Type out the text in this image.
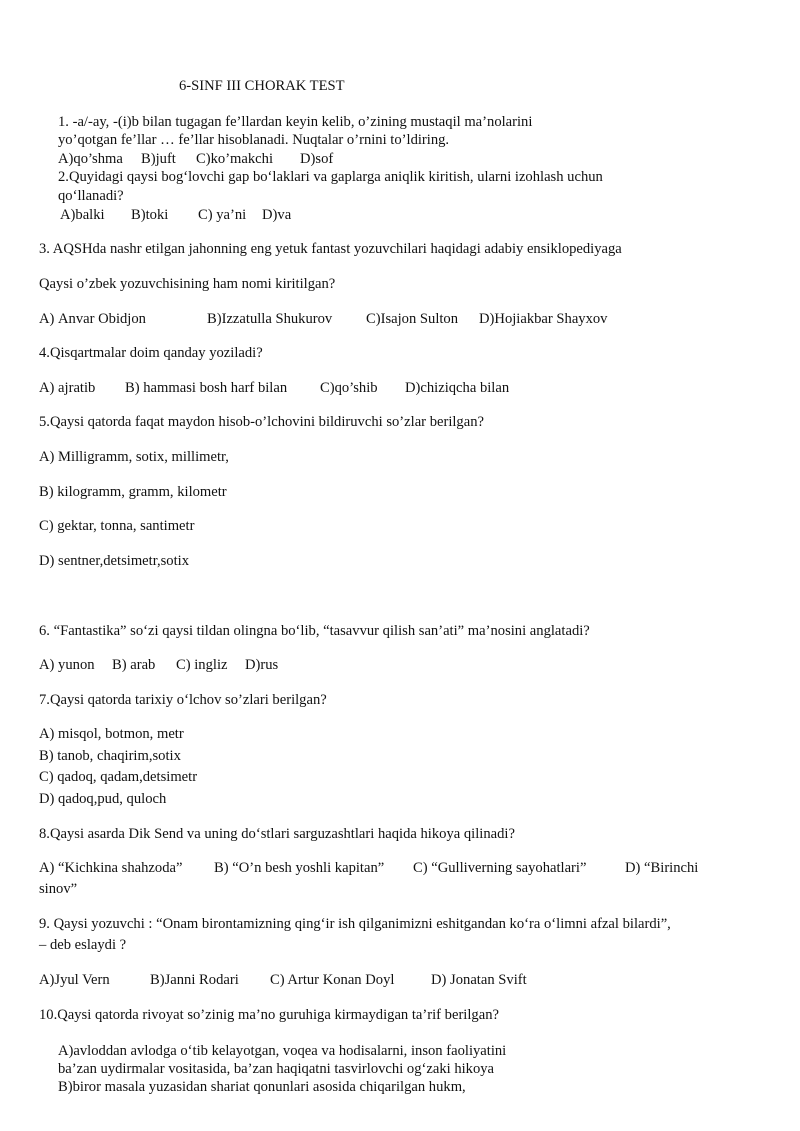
6-SINF III CHORAK TEST
1. -a/-ay, -(i)b bilan tugagan fe’llardan keyin kelib, o’zining mustaqil ma’nolarini
yo’qotgan fe’llar … fe’llar hisoblanadi. Nuqtalar o’rnini to’ldiring.
A)qo’shma B)juft C)ko’makchi D)sof
2.Quyidagi qaysi bog‘lovchi gap bo‘laklari va gaplarga aniqlik kiritish, ularni izohlash uchun
qo‘llanadi?
A)balki B)toki C) ya’ni D)va
3. AQSHda nashr etilgan jahonning eng yetuk fantast yozuvchilari haqidagi adabiy ensiklopediyaga
Qaysi o’zbek yozuvchisining ham nomi kiritilgan?
A) Anvar Obidjon	B)Izzatulla Shukurov C)Isajon Sulton D)Hojiakbar Shayxov
4.Qisqartmalar doim qanday yoziladi?
A) ajratib B) hammasi bosh harf bilan C)qo’shib D)chiziqcha bilan
5.Qaysi qatorda faqat maydon hisob-o’lchovini bildiruvchi so’zlar berilgan?
A) Milligramm, sotix, millimetr,
B) kilogramm, gramm, kilometr
C) gektar, tonna, santimetr
D) sentner,detsimetr,sotix
6. “Fantastika” so‘zi qaysi tildan olingna bo‘lib, “tasavvur qilish san’ati” ma’nosini anglatadi?
A) yunon B) arab C) ingliz D)rus
7.Qaysi qatorda tarixiy o‘lchov so’zlari berilgan?
A) misqol, botmon, metr
B) tanob, chaqirim,sotix
C) qadoq, qadam,detsimetr
D) qadoq,pud, quloch
8.Qaysi asarda Dik Send va uning do‘stlari sarguzashtlari haqida hikoya qilinadi?
A) “Kichkina shahzoda” B) “O’n besh yoshli kapitan” C) “Gulliverning sayohatlari”	D) “Birinchi
sinov”
9. Qaysi yozuvchi : “Onam birontamizning qing‘ir ish qilganimizni eshitgandan ko‘ra o‘limni afzal bilardi”,
– deb eslaydi ?
A)Jyul Vern	B)Janni Rodari C) Artur Konan Doyl	D) Jonatan Svift
10.Qaysi qatorda rivoyat so’zinig ma’no guruhiga kirmaydigan ta’rif berilgan?
A)avloddan avlodga o‘tib kelayotgan, voqea va hodisalarni, inson faoliyatini
ba’zan uydirmalar vositasida, ba’zan haqiqatni tasvirlovchi og‘zaki hikoya
B)biror masala yuzasidan shariat qonunlari asosida chiqarilgan hukm,
